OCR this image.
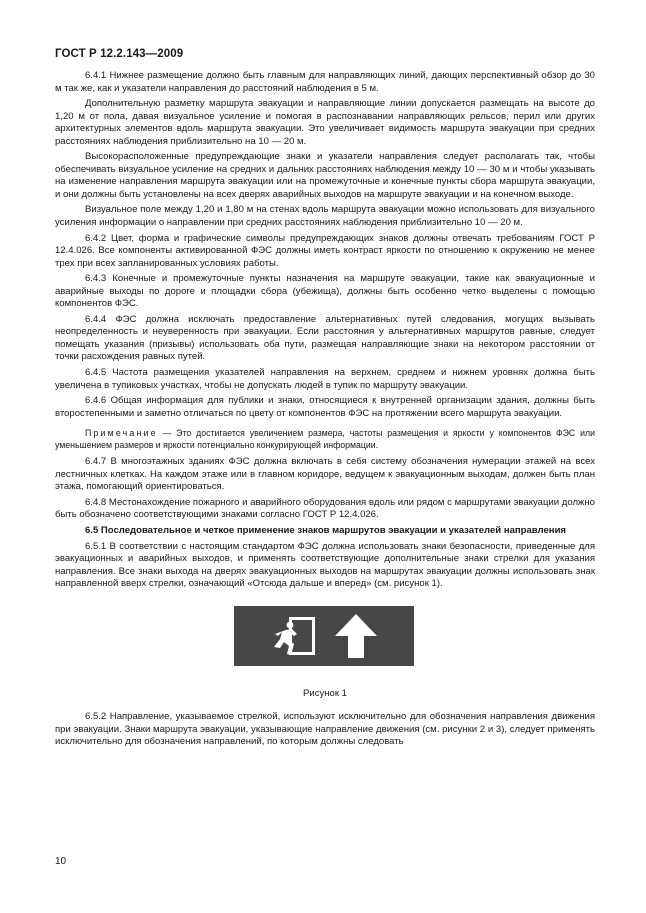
ГОСТ Р 12.2.143—2009

6.4.1 Нижнее размещение должно быть главным для направляющих линий, дающих перспективный обзор до 30 м так же, как и указатели направления до расстояний наблюдения в 5 м.

Дополнительную разметку маршрута эвакуации и направляющие линии допускается размещать на высоте до 1,20 м от пола, давая визуальное усиление и помогая в распознавании направляющих рельсов, перил или других архитектурных элементов вдоль маршрута эвакуации. Это увеличивает видимость маршрута эвакуации при средних расстояниях наблюдения приблизительно на 10 — 20 м.

Высокорасположенные предупреждающие знаки и указатели направления следует располагать так, чтобы обеспечивать визуальное усиление на средних и дальних расстояниях наблюдения между 10 — 30 м и чтобы указывать на изменение направления маршрута эвакуации или на промежуточные и конечные пункты сбора маршрута эвакуации, и они должны быть установлены на всех дверях аварийных выходов на маршруте эвакуации и на конечном выходе.

Визуальное поле между 1,20 и 1,80 м на стенах вдоль маршрута эвакуации можно использовать для визуального усиления информации о направлении при средних расстояниях наблюдения приблизительно 10 — 20 м.

6.4.2 Цвет, форма и графические символы предупреждающих знаков должны отвечать требованиям ГОСТ Р 12.4.026. Все компоненты активированной ФЭС должны иметь контраст яркости по отношению к окружению не менее трех при всех запланированных условиях работы.

6.4.3 Конечные и промежуточные пункты назначения на маршруте эвакуации, такие как эвакуационные и аварийные выходы по дороге и площадки сбора (убежища), должны быть особенно четко выделены с помощью компонентов ФЭС.

6.4.4 ФЭС должна исключать предоставление альтернативных путей следования, могущих вызывать неопределенность и неуверенность при эвакуации. Если расстояния у альтернативных маршрутов равные, следует помещать указания (призывы) использовать оба пути, размещая направляющие знаки на некотором расстоянии от точки расхождения равных путей.

6.4.5 Частота размещения указателей направления на верхнем, среднем и нижнем уровнях должна быть увеличена в тупиковых участках, чтобы не допускать людей в тупик по маршруту эвакуации.

6.4.6 Общая информация для публики и знаки, относящиеся к внутренней организации здания, должны быть второстепенными и заметно отличаться по цвету от компонентов ФЭС на протяжении всего маршрута эвакуации.

Примечание — Это достигается увеличением размера, частоты размещения и яркости у компонентов ФЭС или уменьшением размеров и яркости потенциально конкурирующей информации.

6.4.7 В многоэтажных зданиях ФЭС должна включать в себя систему обозначения нумерации этажей на всех лестничных клетках. На каждом этаже или в главном коридоре, ведущем к эвакуационным выходам, должен быть план этажа, помогающий ориентироваться.

6.4.8 Местонахождение пожарного и аварийного оборудования вдоль или рядом с маршрутами эвакуации должно быть обозначено соответствующими знаками согласно ГОСТ Р 12.4.026.

6.5 Последовательное и четкое применение знаков маршрутов эвакуации и указателей направления

6.5.1 В соответствии с настоящим стандартом ФЭС должна использовать знаки безопасности, приведенные для эвакуационных и аварийных выходов, и применять соответствующие дополнительные знаки стрелки для указания направления. Все знаки выхода на дверях эвакуационных выходов на маршрутах эвакуации должны использовать знак направленной вверх стрелки, означающий «Отсюда дальше и вперед» (см. рисунок 1).

Рисунок 1

6.5.2 Направление, указываемое стрелкой, используют исключительно для обозначения направления движения при эвакуации. Знаки маршрута эвакуации, указывающие направление движения (см. рисунки 2 и 3), следует применять исключительно для обозначения направлений, по которым должны следовать

10
